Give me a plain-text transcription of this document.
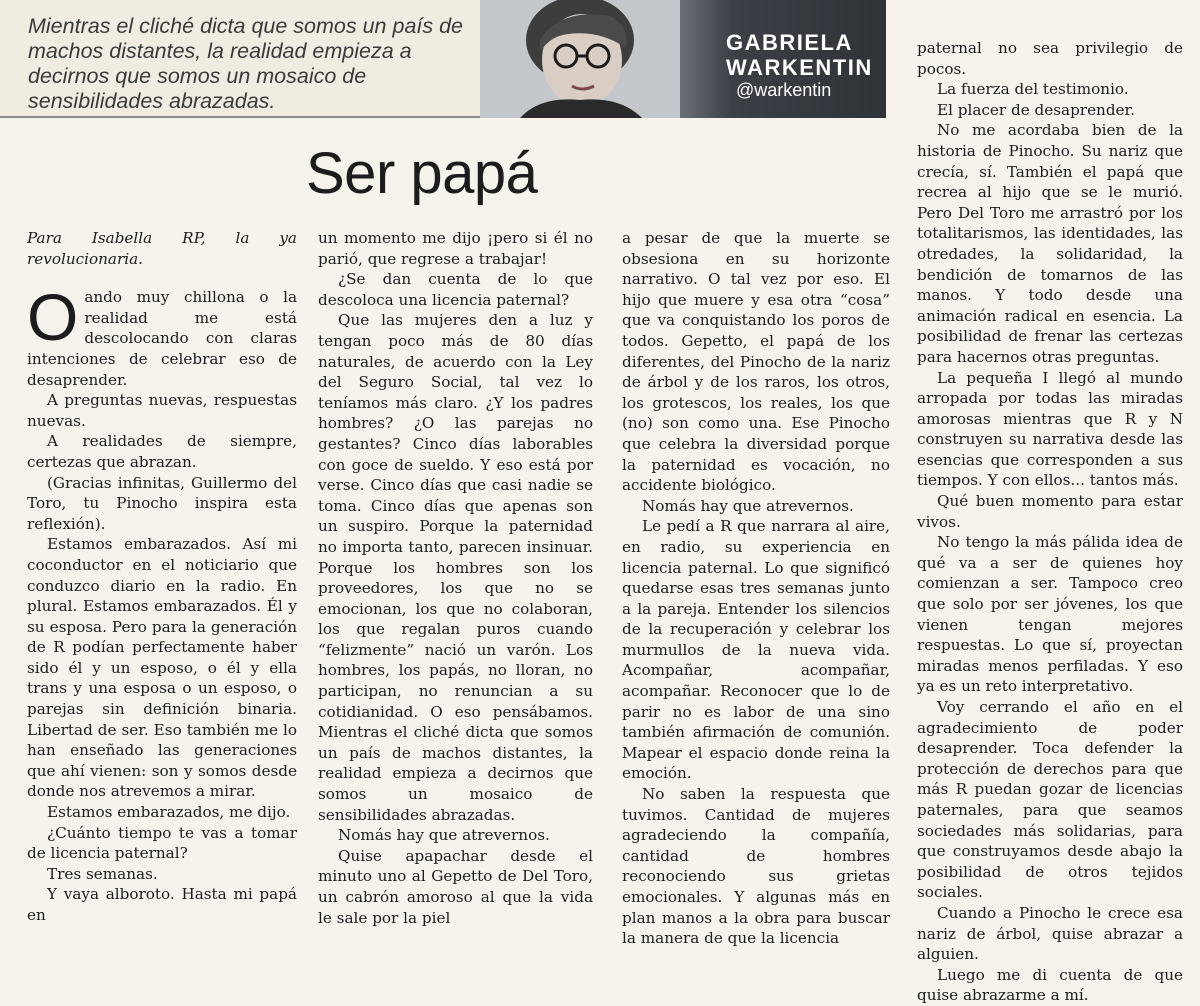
Mientras el cliché dicta que somos un país de machos distantes, la realidad empieza a decirnos que somos un mosaico de sensibilidades abrazadas.
GABRIELA WARKENTIN
@warkentin
Ser papá

Para Isabella RP, la ya revolucionaria.

Oando muy chillona o la realidad me está descolocando con claras intenciones de celebrar eso de desaprender.

A preguntas nuevas, respuestas nuevas.

A realidades de siempre, certezas que abrazan.

(Gracias infinitas, Guillermo del Toro, tu Pinocho inspira esta reflexión).

Estamos embarazados. Así mi coconductor en el noticiario que conduzco diario en la radio. En plural. Estamos embarazados. Él y su esposa. Pero para la generación de R podían perfectamente haber sido él y un esposo, o él y ella trans y una esposa o un esposo, o parejas sin definición binaria. Libertad de ser. Eso también me lo han enseñado las generaciones que ahí vienen: son y somos desde donde nos atrevemos a mirar.

Estamos embarazados, me dijo.

¿Cuánto tiempo te vas a tomar de licencia paternal?

Tres semanas.

Y vaya alboroto. Hasta mi papá en

un momento me dijo ¡pero si él no parió, que regrese a trabajar!

¿Se dan cuenta de lo que descoloca una licencia paternal?

Que las mujeres den a luz y tengan poco más de 80 días naturales, de acuerdo con la Ley del Seguro Social, tal vez lo teníamos más claro. ¿Y los padres hombres? ¿O las parejas no gestantes? Cinco días laborables con goce de sueldo. Y eso está por verse. Cinco días que casi nadie se toma. Cinco días que apenas son un suspiro. Porque la paternidad no importa tanto, parecen insinuar. Porque los hombres son los proveedores, los que no se emocionan, los que no colaboran, los que regalan puros cuando “felizmente” nació un varón. Los hombres, los papás, no lloran, no participan, no renuncian a su cotidianidad. O eso pensábamos. Mientras el cliché dicta que somos un país de machos distantes, la realidad empieza a decirnos que somos un mosaico de sensibilidades abrazadas.

Nomás hay que atrevernos.

Quise apapachar desde el minuto uno al Gepetto de Del Toro, un cabrón amoroso al que la vida le sale por la piel

a pesar de que la muerte se obsesiona en su horizonte narrativo. O tal vez por eso. El hijo que muere y esa otra “cosa” que va conquistando los poros de todos. Gepetto, el papá de los diferentes, del Pinocho de la nariz de árbol y de los raros, los otros, los grotescos, los reales, los que (no) son como una. Ese Pinocho que celebra la diversidad porque la paternidad es vocación, no accidente biológico.

Nomás hay que atrevernos.

Le pedí a R que narrara al aire, en radio, su experiencia en licencia paternal. Lo que significó quedarse esas tres semanas junto a la pareja. Entender los silencios de la recuperación y celebrar los murmullos de la nueva vida. Acompañar, acompañar, acompañar. Reconocer que lo de parir no es labor de una sino también afirmación de comunión. Mapear el espacio donde reina la emoción.

No saben la respuesta que tuvimos. Cantidad de mujeres agradeciendo la compañía, cantidad de hombres reconociendo sus grietas emocionales. Y algunas más en plan manos a la obra para buscar la manera de que la licencia

paternal no sea privilegio de pocos.

La fuerza del testimonio.

El placer de desaprender.

No me acordaba bien de la historia de Pinocho. Su nariz que crecía, sí. También el papá que recrea al hijo que se le murió. Pero Del Toro me arrastró por los totalitarismos, las identidades, las otredades, la solidaridad, la bendición de tomarnos de las manos. Y todo desde una animación radical en esencia. La posibilidad de frenar las certezas para hacernos otras preguntas.

La pequeña I llegó al mundo arropada por todas las miradas amorosas mientras que R y N construyen su narrativa desde las esencias que corresponden a sus tiempos. Y con ellos... tantos más.

Qué buen momento para estar vivos.

No tengo la más pálida idea de qué va a ser de quienes hoy comienzan a ser. Tampoco creo que solo por ser jóvenes, los que vienen tengan mejores respuestas. Lo que sí, proyectan miradas menos perfiladas. Y eso ya es un reto interpretativo.

Voy cerrando el año en el agradecimiento de poder desaprender. Toca defender la protección de derechos para que más R puedan gozar de licencias paternales, para que seamos sociedades más solidarias, para que construyamos desde abajo la posibilidad de otros tejidos sociales.

Cuando a Pinocho le crece esa nariz de árbol, quise abrazar a alguien.

Luego me di cuenta de que quise abrazarme a mí.
